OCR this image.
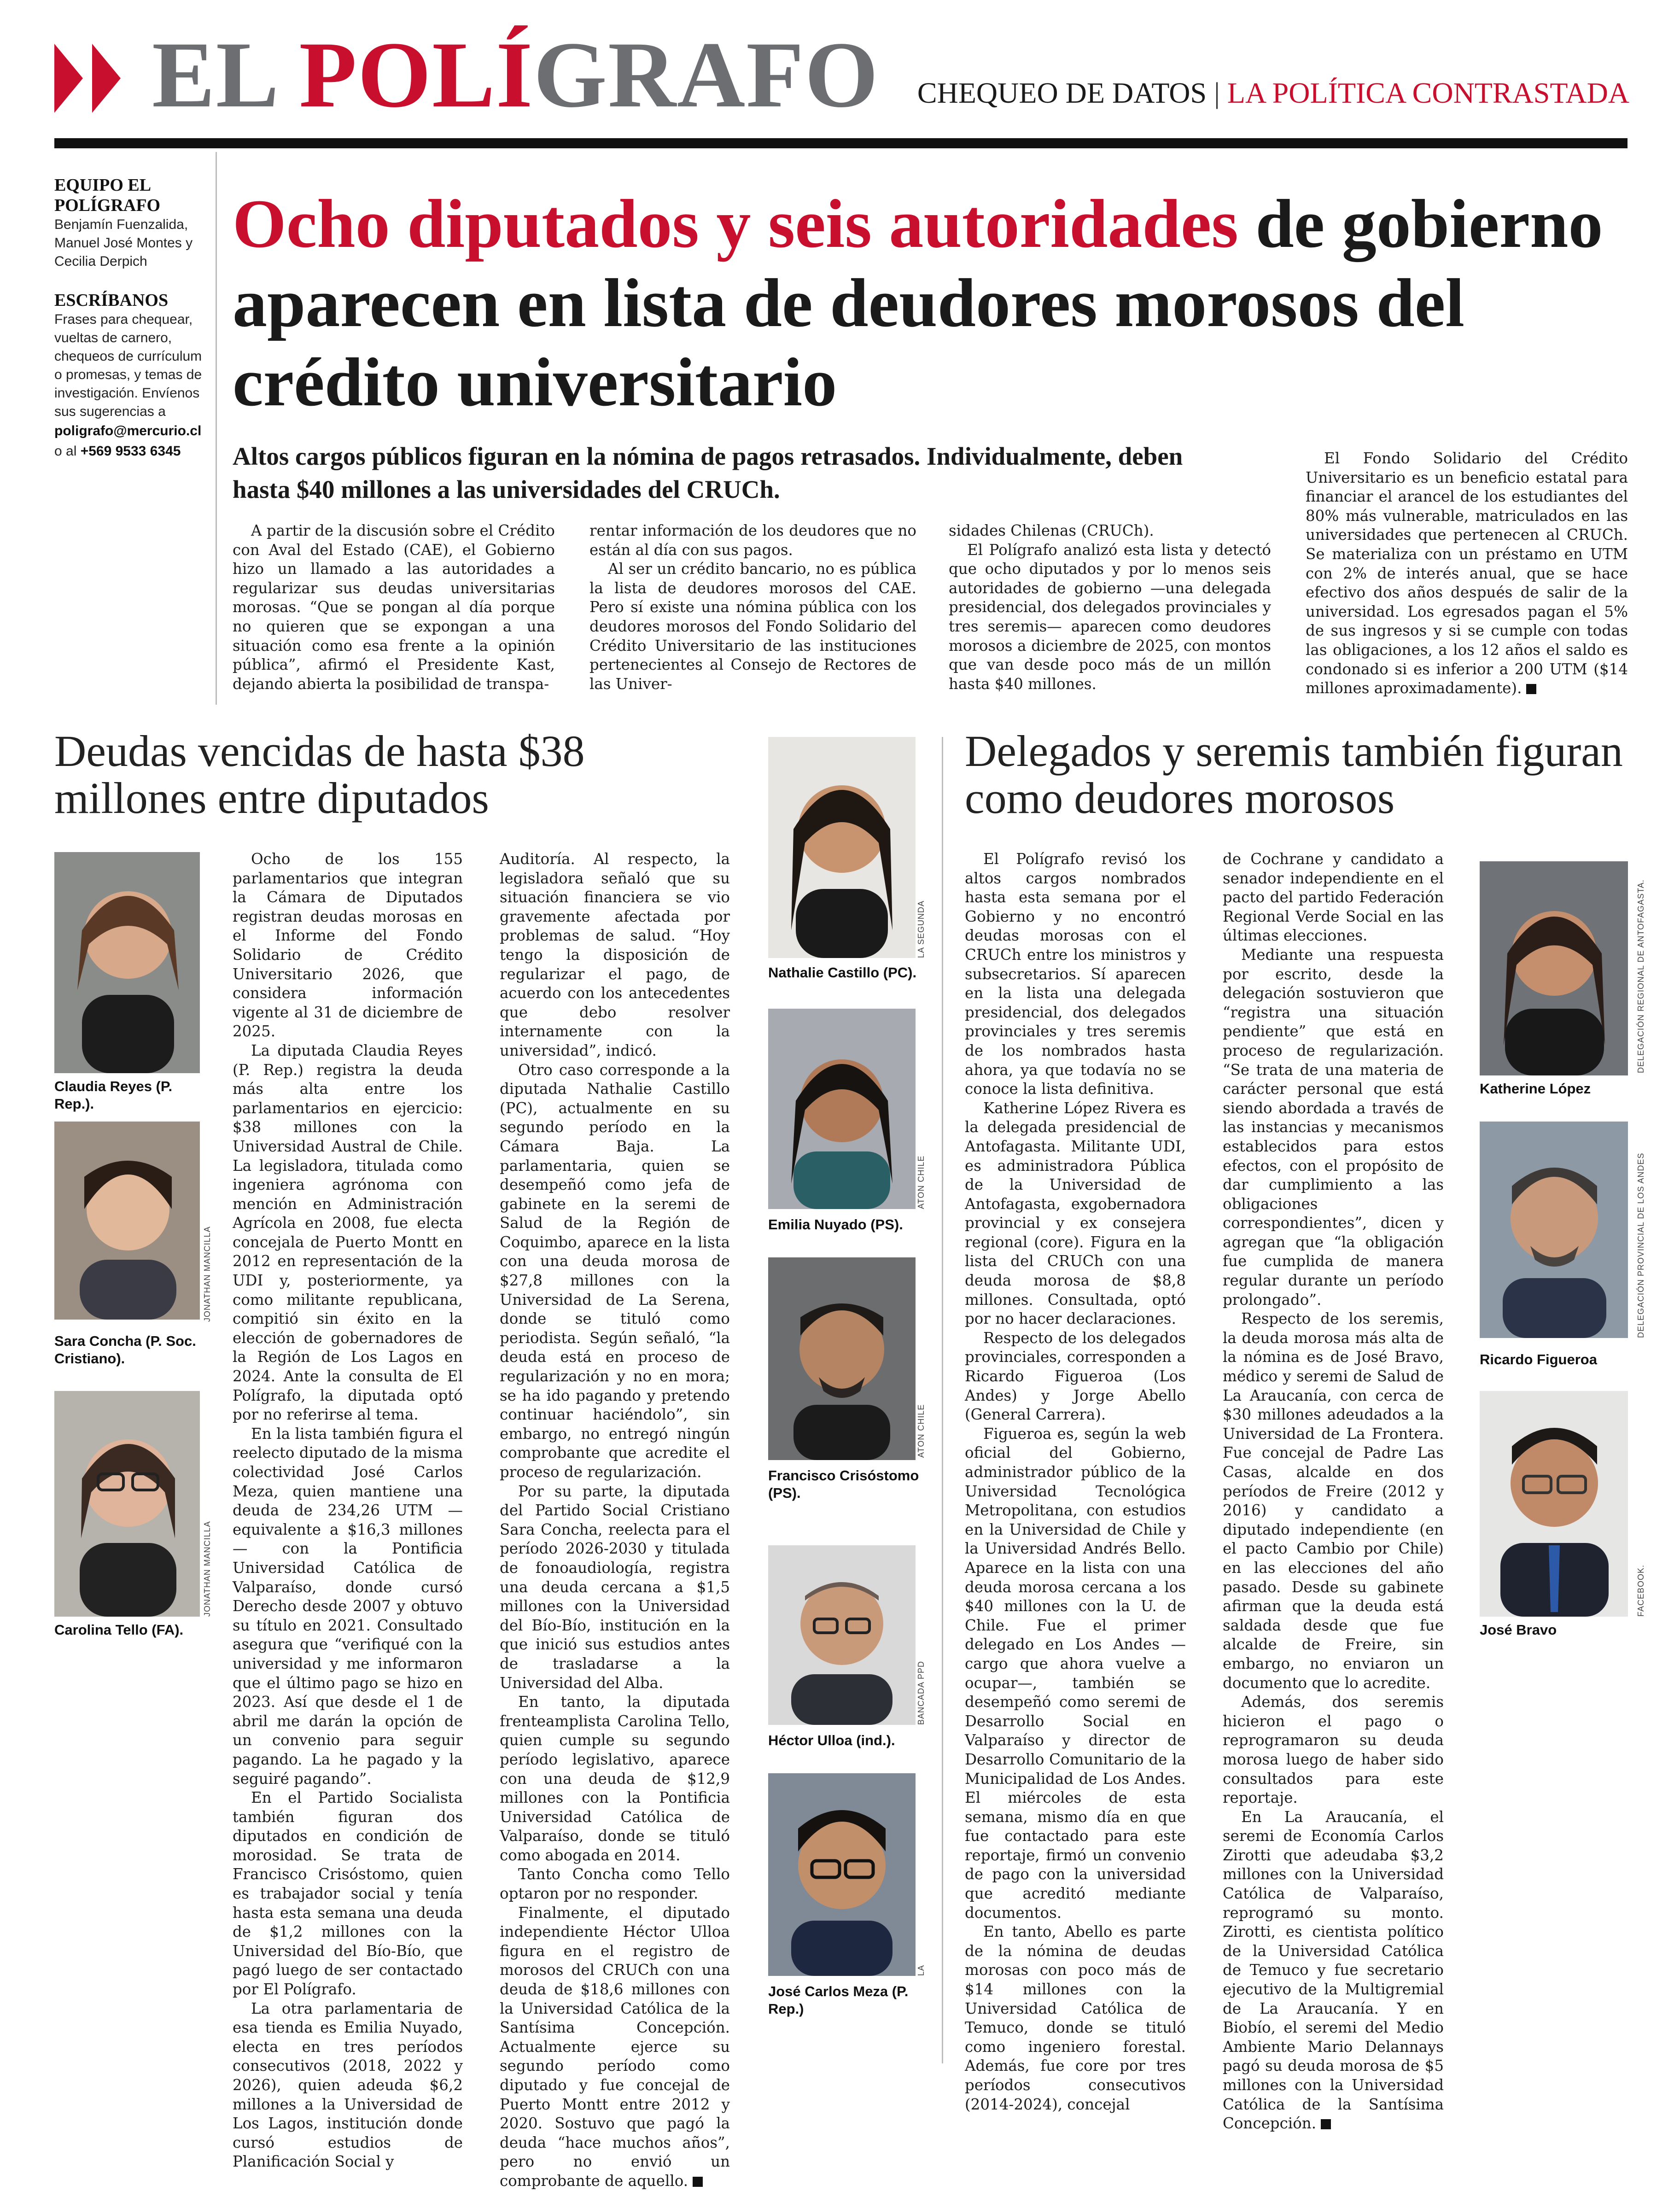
EL POLÍGRAFO CHEQUEO DE DATOS | LA POLÍTICA CONTRASTADA
EQUIPO EL POLÍGRAFO
Benjamín Fuenzalida, Manuel José Montes y Cecilia Derpich
ESCRÍBANOS
Frases para chequear, vueltas de carnero, chequeos de currículum o promesas, y temas de investigación. Envíenos sus sugerencias a poligrafo@mercurio.cl o al +569 9533 6345
Ocho diputados y seis autoridades de gobierno aparecen en lista de deudores morosos del crédito universitario
Altos cargos públicos figuran en la nómina de pagos retrasados. Individualmente, deben hasta $40 millones a las universidades del CRUCh.

A partir de la discusión sobre el Crédito con Aval del Estado (CAE), el Gobierno hizo un llamado a las autoridades a regularizar sus deudas universitarias morosas. “Que se pongan al día porque no quieren que se expongan a una situación como esa frente a la opinión pública”, afirmó el Presidente Kast, dejando abierta la posibilidad de transpa-

rentar información de los deudores que no están al día con sus pagos.

Al ser un crédito bancario, no es pública la lista de deudores morosos del CAE. Pero sí existe una nómina pública con los deudores morosos del Fondo Solidario del Crédito Universitario de las instituciones pertenecientes al Consejo de Rectores de las Univer-

sidades Chilenas (CRUCh).

El Polígrafo analizó esta lista y detectó que ocho diputados y por lo menos seis autoridades de gobierno —una delegada presidencial, dos delegados provinciales y tres seremis— aparecen como deudores morosos a diciembre de 2025, con montos que van desde poco más de un millón hasta $40 millones.

El Fondo Solidario del Crédito Universitario es un beneficio estatal para financiar el arancel de los estudiantes del 80% más vulnerable, matriculados en las universidades que pertenecen al CRUCh. Se materializa con un préstamo en UTM con 2% de interés anual, que se hace efectivo dos años después de salir de la universidad. Los egresados pagan el 5% de sus ingresos y si se cumple con todas las obligaciones, a los 12 años el saldo es condonado si es inferior a 200 UTM ($14 millones aproximadamente).

Deudas vencidas de hasta $38 millones entre diputados
Claudia Reyes (P. Rep.).
JONATHAN MANCILLA
Sara Concha (P. Soc. Cristiano).
JONATHAN MANCILLA
Carolina Tello (FA).

Ocho de los 155 parlamentarios que integran la Cámara de Diputados registran deudas morosas en el Informe del Fondo Solidario de Crédito Universitario 2026, que considera información vigente al 31 de diciembre de 2025.

La diputada Claudia Reyes (P. Rep.) registra la deuda más alta entre los parlamentarios en ejercicio: $38 millones con la Universidad Austral de Chile. La legisladora, titulada como ingeniera agrónoma con mención en Administración Agrícola en 2008, fue electa concejala de Puerto Montt en 2012 en representación de la UDI y, posteriormente, ya como militante republicana, compitió sin éxito en la elección de gobernadores de la Región de Los Lagos en 2024. Ante la consulta de El Polígrafo, la diputada optó por no referirse al tema.

En la lista también figura el reelecto diputado de la misma colectividad José Carlos Meza, quien mantiene una deuda de 234,26 UTM —equivalente a $16,3 millones— con la Pontificia Universidad Católica de Valparaíso, donde cursó Derecho desde 2007 y obtuvo su título en 2021. Consultado asegura que “verifiqué con la universidad y me informaron que el último pago se hizo en 2023. Así que desde el 1 de abril me darán la opción de un convenio para seguir pagando. La he pagado y la seguiré pagando”.

En el Partido Socialista también figuran dos diputados en condición de morosidad. Se trata de Francisco Crisóstomo, quien es trabajador social y tenía hasta esta semana una deuda de $1,2 millones con la Universidad del Bío-Bío, que pagó luego de ser contactado por El Polígrafo.

La otra parlamentaria de esa tienda es Emilia Nuyado, electa en tres períodos consecutivos (2018, 2022 y 2026), quien adeuda $6,2 millones a la Universidad de Los Lagos, institución donde cursó estudios de Planificación Social y

Auditoría. Al respecto, la legisladora señaló que su situación financiera se vio gravemente afectada por problemas de salud. “Hoy tengo la disposición de regularizar el pago, de acuerdo con los antecedentes que debo resolver internamente con la universidad”, indicó.

Otro caso corresponde a la diputada Nathalie Castillo (PC), actualmente en su segundo período en la Cámara Baja. La parlamentaria, quien se desempeñó como jefa de gabinete en la seremi de Salud de la Región de Coquimbo, aparece en la lista con una deuda morosa de $27,8 millones con la Universidad de La Serena, donde se tituló como periodista. Según señaló, “la deuda está en proceso de regularización y no en mora; se ha ido pagando y pretendo continuar haciéndolo”, sin embargo, no entregó ningún comprobante que acredite el proceso de regularización.

Por su parte, la diputada del Partido Social Cristiano Sara Concha, reelecta para el período 2026-2030 y titulada de fonoaudiología, registra una deuda cercana a $1,5 millones con la Universidad del Bío-Bío, institución en la que inició sus estudios antes de trasladarse a la Universidad del Alba.

En tanto, la diputada frenteamplista Carolina Tello, quien cumple su segundo período legislativo, aparece con una deuda de $12,9 millones con la Pontificia Universidad Católica de Valparaíso, donde se tituló como abogada en 2014.

Tanto Concha como Tello optaron por no responder.

Finalmente, el diputado independiente Héctor Ulloa figura en el registro de morosos del CRUCh con una deuda de $18,6 millones con la Universidad Católica de la Santísima Concepción. Actualmente ejerce su segundo período como diputado y fue concejal de Puerto Montt entre 2012 y 2020. Sostuvo que pagó la deuda “hace muchos años”, pero no envió un comprobante de aquello.

LA SEGUNDA
Nathalie Castillo (PC).
ATON CHILE
Emilia Nuyado (PS).
ATON CHILE
Francisco Crisóstomo (PS).
BANCADA PPD
Héctor Ulloa (ind.).
LA
José Carlos Meza (P. Rep.)
Delegados y seremis también figuran como deudores morosos

El Polígrafo revisó los altos cargos nombrados hasta esta semana por el Gobierno y no encontró deudas morosas con el CRUCh entre los ministros y subsecretarios. Sí aparecen en la lista una delegada presidencial, dos delegados provinciales y tres seremis de los nombrados hasta ahora, ya que todavía no se conoce la lista definitiva.

Katherine López Rivera es la delegada presidencial de Antofagasta. Militante UDI, es administradora Pública de la Universidad de Antofagasta, exgobernadora provincial y ex consejera regional (core). Figura en la lista del CRUCh con una deuda morosa de $8,8 millones. Consultada, optó por no hacer declaraciones.

Respecto de los delegados provinciales, corresponden a Ricardo Figueroa (Los Andes) y Jorge Abello (General Carrera).

Figueroa es, según la web oficial del Gobierno, administrador público de la Universidad Tecnológica Metropolitana, con estudios en la Universidad de Chile y la Universidad Andrés Bello. Aparece en la lista con una deuda morosa cercana a los $40 millones con la U. de Chile. Fue el primer delegado en Los Andes —cargo que ahora vuelve a ocupar—, también se desempeñó como seremi de Desarrollo Social en Valparaíso y director de Desarrollo Comunitario de la Municipalidad de Los Andes. El miércoles de esta semana, mismo día en que fue contactado para este reportaje, firmó un convenio de pago con la universidad que acreditó mediante documentos.

En tanto, Abello es parte de la nómina de deudas morosas con poco más de $14 millones con la Universidad Católica de Temuco, donde se tituló como ingeniero forestal. Además, fue core por tres períodos consecutivos (2014-2024), concejal

de Cochrane y candidato a senador independiente en el pacto del partido Federación Regional Verde Social en las últimas elecciones.

Mediante una respuesta por escrito, desde la delegación sostuvieron que “registra una situación pendiente” que está en proceso de regularización. “Se trata de una materia de carácter personal que está siendo abordada a través de las instancias y mecanismos establecidos para estos efectos, con el propósito de dar cumplimiento a las obligaciones correspondientes”, dicen y agregan que “la obligación fue cumplida de manera regular durante un período prolongado”.

Respecto de los seremis, la deuda morosa más alta de la nómina es de José Bravo, médico y seremi de Salud de La Araucanía, con cerca de $30 millones adeudados a la Universidad de La Frontera. Fue concejal de Padre Las Casas, alcalde en dos períodos de Freire (2012 y 2016) y candidato a diputado independiente (en el pacto Cambio por Chile) en las elecciones del año pasado. Desde su gabinete afirman que la deuda está saldada desde que fue alcalde de Freire, sin embargo, no enviaron un documento que lo acredite.

Además, dos seremis hicieron el pago o reprogramaron su deuda morosa luego de haber sido consultados para este reportaje.

En La Araucanía, el seremi de Economía Carlos Zirotti que adeudaba $3,2 millones con la Universidad Católica de Valparaíso, reprogramó su monto. Zirotti, es cientista político de la Universidad Católica de Temuco y fue secretario ejecutivo de la Multigremial de La Araucanía. Y en Biobío, el seremi del Medio Ambiente Mario Delannays pagó su deuda morosa de $5 millones con la Universidad Católica de la Santísima Concepción.

DELEGACIÓN REGIONAL DE ANTOFAGASTA.
Katherine López
DELEGACIÓN PROVINCIAL DE LOS ANDES
Ricardo Figueroa
FACEBOOK.
José Bravo
